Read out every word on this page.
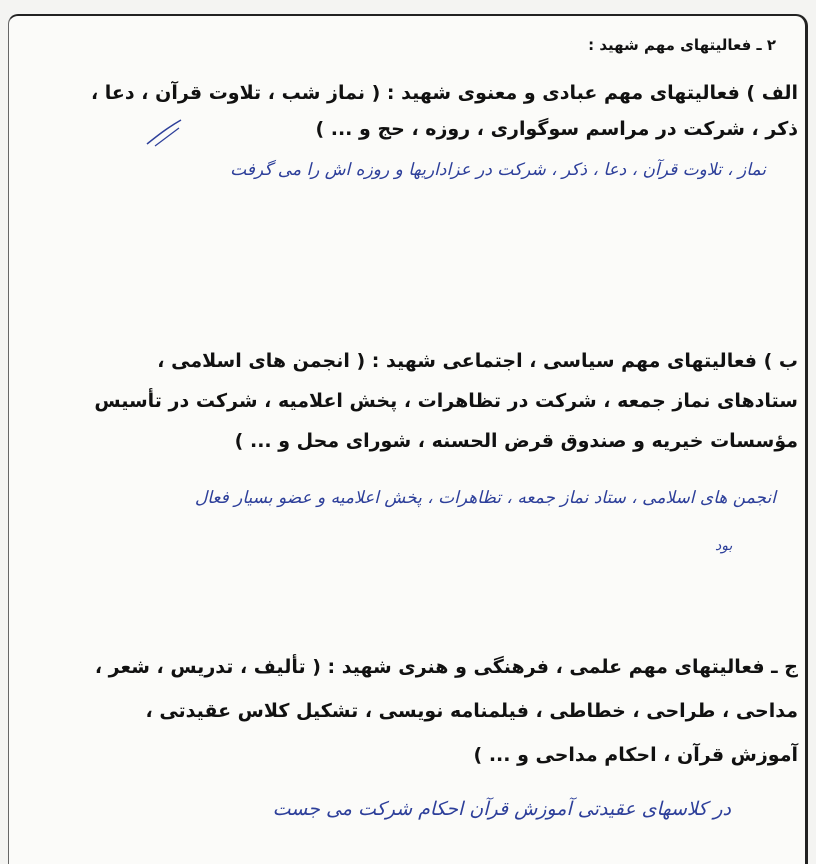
۲ ـ فعالیتهای مهم شهید :
الف ) فعالیتهای مهم عبادی و معنوی شهید : ( نماز شب ، تلاوت قرآن ، دعا ،
ذکر ، شرکت در مراسم سوگواری ، روزه ، حج و ... )
نماز ، تلاوت قرآن ، دعا ، ذکر ، شرکت در عزاداریها و روزه اش را می گرفت
ب ) فعالیتهای مهم سیاسی ، اجتماعی شهید : ( انجمن های اسلامی ،
ستادهای نماز جمعه ، شرکت در تظاهرات ، پخش اعلامیه ، شرکت در تأسیس
مؤسسات خیریه و صندوق قرض الحسنه ، شورای محل و ... )
انجمن های اسلامی ، ستاد نماز جمعه ، تظاهرات ، پخش اعلامیه و عضو بسیار فعال
بود
ج ـ فعالیتهای مهم علمی ، فرهنگی و هنری شهید : ( تألیف ، تدریس ، شعر ،
مداحی ، طراحی ، خطاطی ، فیلمنامه نویسی ، تشکیل کلاس عقیدتی ،
آموزش قرآن ، احکام مداحی و ... )
در کلاسهای عقیدتی آموزش قرآن احکام شرکت می جست
